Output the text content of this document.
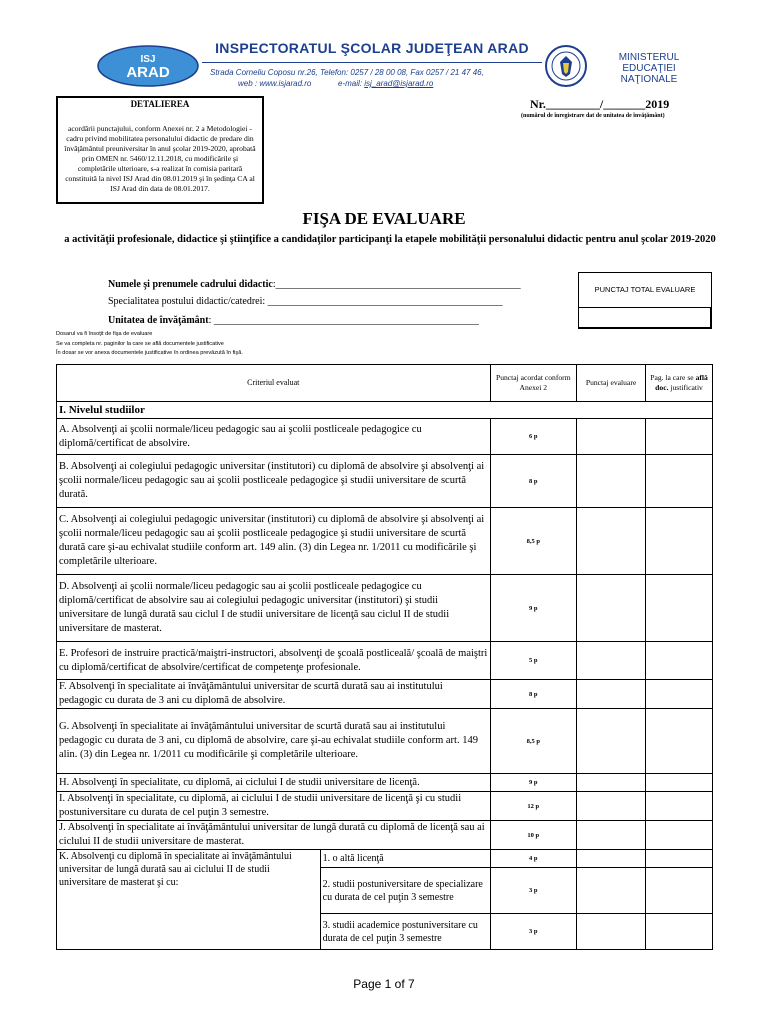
ISJ
ARAD
INSPECTORATUL ŞCOLAR JUDEŢEAN ARAD
Strada Corneliu Coposu nr.26, Telefon: 0257 / 28 00 08, Fax 0257 / 21 47 46,
web : www.isjarad.ro	e-mail: isj_arad@isjarad.ro
MINISTERUL EDUCAŢIEI
NAŢIONALE
DETALIEREA
acordării punctajului, conform Anexei nr. 2 a Metodologiei - cadru privind mobilitatea personalului didactic de predare din învăţământul preuniversitar în anul şcolar 2019-2020, aprobată prin OMEN nr. 5460/12.11.2018, cu modificările şi completările ulterioare, s-a realizat în comisia paritară constituită la nivel ISJ Arad din 08.01.2019 şi în şedinţa CA al ISJ Arad din data de 08.01.2017.
Nr._________/_______2019
(numărul de înregistrare dat de unitatea de învăţământ)
FIŞA DE EVALUARE
a activităţii profesionale, didactice şi ştiinţifice a candidaţilor participanţi la etapele mobilităţii personalului didactic pentru anul şcolar 2019-2020
Numele şi prenumele cadrului didactic:_________________________________________________
Specialitatea postului didactic/catedrei: _______________________________________________
Unitatea de învăţământ: _____________________________________________________
PUNCTAJ TOTAL EVALUARE
Dosarul va fi însoţit de fişa de evaluare
Se va completa nr. paginilor la care se află documentele justificative
În dosar se vor anexa documentele justificative în ordinea prevăzută în fişă.
Criteriul evaluat		Punctaj acordat conform Anexei 2	Punctaj evaluare	Pag. la care se află doc. justificativ
I. Nivelul studiilor				
A. Absolvenţi ai şcolii normale/liceu pedagogic sau ai şcolii postliceale pedagogice cu diplomă/certificat de absolvire.		6 p		
B. Absolvenţi ai colegiului pedagogic universitar (institutori) cu diplomă de absolvire şi absolvenţi ai şcolii normale/liceu pedagogic sau ai şcolii postliceale pedagogice şi studii universitare de scurtă durată.		8 p		
C. Absolvenţi ai colegiului pedagogic universitar (institutori) cu diplomă de absolvire şi absolvenţi ai şcolii normale/liceu pedagogic sau ai şcolii postliceale pedagogice şi studii universitare de scurtă durată care şi-au echivalat studiile conform art. 149 alin. (3) din Legea nr. 1/2011 cu modificările şi completările ulterioare.		8,5 p		
D. Absolvenţi ai şcolii normale/liceu pedagogic sau ai şcolii postliceale pedagogice cu diplomă/certificat de absolvire sau ai colegiului pedagogic universitar (institutori) şi studii universitare de lungă durată sau ciclul I de studii universitare de licenţă sau ciclul II de studii universitare de masterat.		9 p		
E. Profesori de instruire practică/maiştri-instructori, absolvenţi de şcoală postliceală/ şcoală de maiştri cu diplomă/certificat de absolvire/certificat de competenţe profesionale.		5 p		
F. Absolvenţi în specialitate ai învăţământului universitar de scurtă durată sau ai institutului pedagogic cu durata de 3 ani cu diplomă de absolvire.		8 p		
G. Absolvenţi în specialitate ai învăţământului universitar de scurtă durată sau ai institutului pedagogic cu durata de 3 ani, cu diplomă de absolvire, care şi-au echivalat studiile conform art. 149 alin. (3) din Legea nr. 1/2011 cu modificările şi completările ulterioare.		8,5 p		
H. Absolvenţi în specialitate, cu diplomă, ai ciclului I de studii universitare de licenţă.		9 p		
I. Absolvenţi în specialitate, cu diplomă, ai ciclului I de studii universitare de licenţă şi cu studii postuniversitare cu durata de cel puţin 3 semestre.		12 p		
J. Absolvenţi în specialitate ai învăţământului universitar de lungă durată cu diplomă de licenţă sau ai ciclului II de studii universitare de masterat.		10 p		
K. Absolvenţi cu diplomă în specialitate ai învăţământului universitar de lungă durată sau ai ciclului II de studii universitare de masterat şi cu:	1. o altă licenţă	4 p		
	2. studii postuniversitare de specializare cu durata de cel puţin 3 semestre	3 p		
	3. studii academice postuniversitare cu durata de cel puţin 3 semestre	3 p		
Page 1 of 7
